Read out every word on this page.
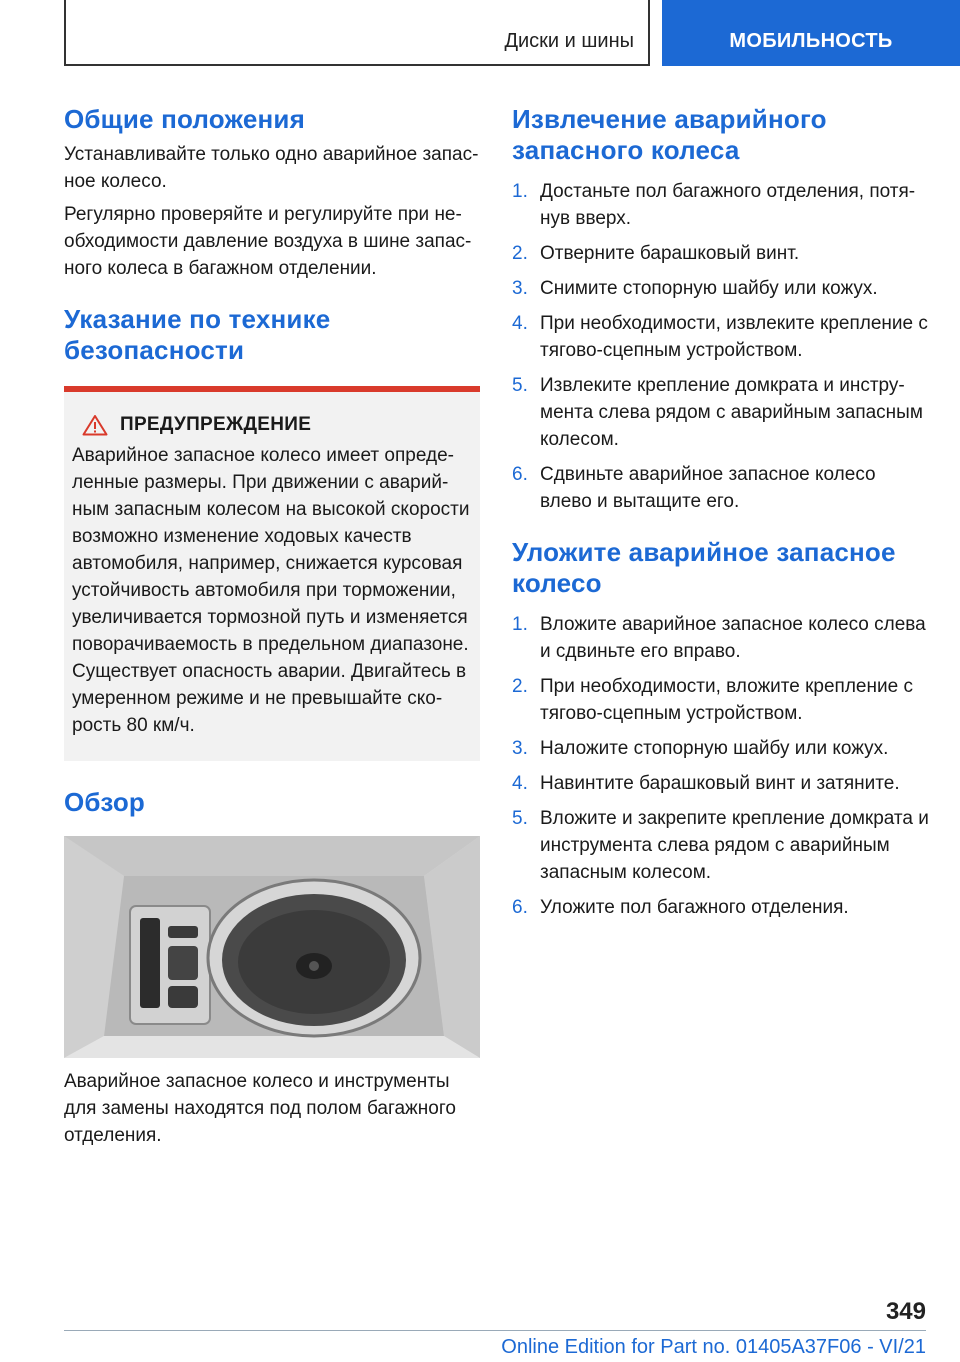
Диски и шины	МОБИЛЬНОСТЬ
Общие положения

Устанавливайте только одно аварийное запас-ное колесо.

Регулярно проверяйте и регулируйте при не-обходимости давление воздуха в шине запас-ного колеса в багажном отделении.

Указание по технике безопасности
ПРЕДУПРЕЖДЕНИЕ

Аварийное запасное колесо имеет опреде-ленные размеры. При движении с аварий-ным запасным колесом на высокой скорости возможно изменение ходовых качеств автомобиля, например, снижается курсовая устойчивость автомобиля при торможении, увеличивается тормозной путь и изменяется поворачиваемость в предельном диапазоне. Существует опасность аварии. Двигайтесь в умеренном режиме и не превышайте ско-рость 80 км/ч.

Обзор

Аварийное запасное колесо и инструменты для замены находятся под полом багажного отделения.

Извлечение аварийного запасного колеса
1. Достаньте пол багажного отделения, потя-нув вверх.
2. Отверните барашковый винт.
3. Снимите стопорную шайбу или кожух.
4. При необходимости, извлеките крепление с тягово-сцепным устройством.
5. Извлеките крепление домкрата и инстру-мента слева рядом с аварийным запасным колесом.
6. Сдвиньте аварийное запасное колесо влево и вытащите его.
Уложите аварийное запасное колесо
1. Вложите аварийное запасное колесо слева и сдвиньте его вправо.
2. При необходимости, вложите крепление с тягово-сцепным устройством.
3. Наложите стопорную шайбу или кожух.
4. Навинтите барашковый винт и затяните.
5. Вложите и закрепите крепление домкрата и инструмента слева рядом с аварийным запасным колесом.
6. Уложите пол багажного отделения.
349
Online Edition for Part no. 01405A37F06 - VI/21
